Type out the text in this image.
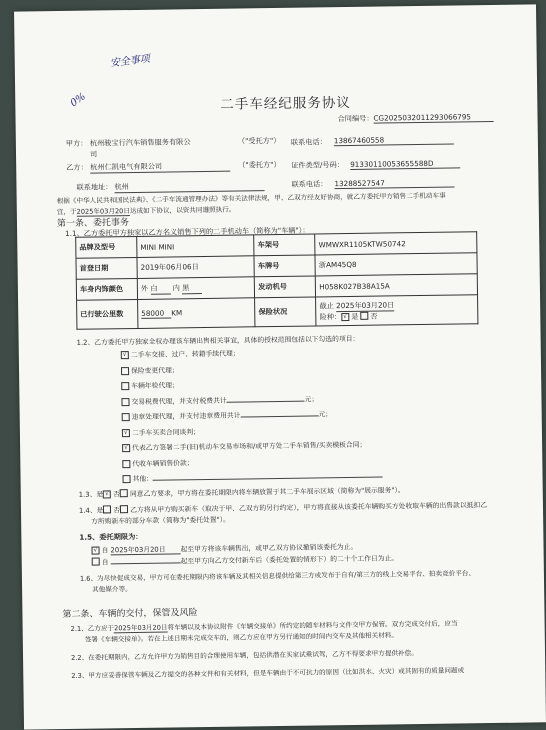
安全事项
0%	二手车经纪服务协议
合同编号：CG2025032011293066795
甲方： 杭州骏宝行汽车销售服务有限公
司
（"受托方"） 联系电话： 13867460558
乙方： 杭州仁凯电气有限公司	（"委托方"） 证件类型/号码： 91330110053655588D
联系地址： 杭州	联系电话： 13288527547
根据《中华人民共和国民法典》、《二手车流通管理办法》等有关法律法规，甲、乙双方经友好协商，就乙方委托甲方销售二手机动车事
宜，于2025年03月20日达成如下协议，以资共同遵照执行。
第一条、委托事务
1.1、乙方委托甲方独家以乙方名义销售下列的二手机动车（简称为"车辆"）：
品牌及型号	MINI MINI	车架号	WMWXR1105KTW50742
首登日期	2019年06月06日	车牌号	浙AM45Q8
车身内饰颜色	外 白 内 黑	发动机号	H058K027B38A15A
已行驶公里数	58000 KM	保险状况	截止 2025年03月20日
险种： √ 是 否
1.2、乙方委托甲方独家全权办理该车辆出售相关事宜，具体的授权范围包括以下勾选的项目：
√ 二手车交接、过户、转籍手续代理；
保险变更代理；
车辆年检代理；
交易税费代理，并支付税费共计	元；
违章处理代理，并支付违章费用共计	元；
√ 二手车买卖合同谈判；
√ 代表乙方签署二手(旧)机动车交易市场和/或甲方处二手车销售/买卖模板合同；
代收车辆销售价款；
其他：
1.3、是 √ 否 同意乙方要求，甲方将在委托期限内将车辆放置于其二手车展示区域（简称为"展示服务"）。
1.4、是 否 乙方将从甲方购买新车（取决于甲、乙双方的另行约定），甲方将直接从该委托车辆购买方处收取车辆的出售款以抵扣乙
方所购新车的部分车款（简称为"委托处置"）。
1.5、委托期限为：
√ 自 2025年03月20日 起至甲方将该车辆售出，或甲乙双方协议撤销该委托为止。
自	起至甲方向乙方交付新车后（委托处置的情形下）的二十个工作日为止。
1.6、为尽快促成交易，甲方可在委托期限内将该车辆及其相关信息提供给第三方或发布于自有/第三方的线上交易平台、拍卖竞价平台、
其他媒介等。
第二条、车辆的交付，保管及风险
2.1、乙方应于2025年03月20日将车辆以及本协议附件《车辆交接单》所约定的随车材料与文件交甲方保管。双方完成交付后，应当
签署《车辆交接单》。若在上述日期未完成交车的，则乙方应在甲方另行通知的时间内交车及其他相关材料。
2.2、在委托期限内，乙方允许甲方为销售目的合理使用车辆，包括供潜在买家试乘试驾，乙方不得要求甲方提供补偿。
2.3、甲方应妥善保管车辆及乙方提交的各种文件和有关材料，但是车辆由于不可抗力的原因（比如洪水、火灾）或其固有的质量问题或
